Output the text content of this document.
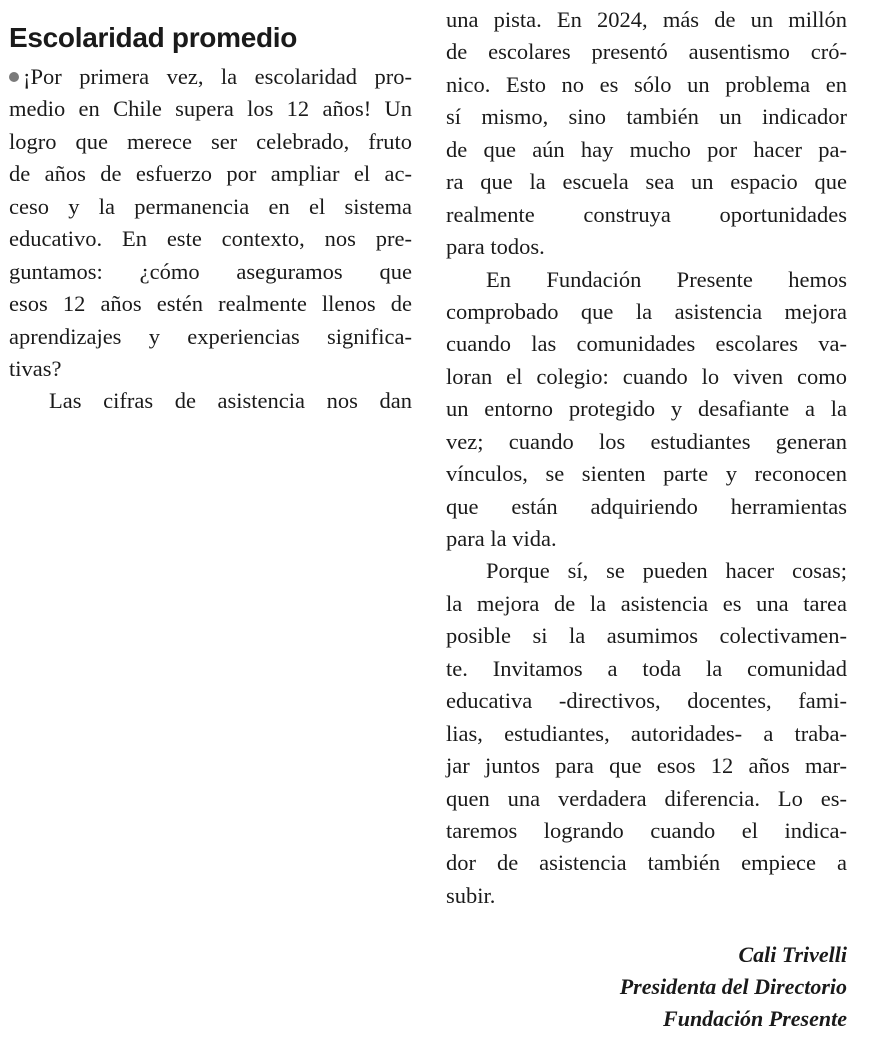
Escolaridad promedio
¡Por primera vez, la escolaridad pro-
medio en Chile supera los 12 años! Un
logro que merece ser celebrado, fruto
de años de esfuerzo por ampliar el ac-
ceso y la permanencia en el sistema
educativo. En este contexto, nos pre-
guntamos: ¿cómo aseguramos que
esos 12 años estén realmente llenos de
aprendizajes y experiencias significa-
tivas?
Las cifras de asistencia nos dan
una pista. En 2024, más de un millón
de escolares presentó ausentismo cró-
nico. Esto no es sólo un problema en
sí mismo, sino también un indicador
de que aún hay mucho por hacer pa-
ra que la escuela sea un espacio que
realmente construya oportunidades
para todos.
En Fundación Presente hemos
comprobado que la asistencia mejora
cuando las comunidades escolares va-
loran el colegio: cuando lo viven como
un entorno protegido y desafiante a la
vez; cuando los estudiantes generan
vínculos, se sienten parte y reconocen
que están adquiriendo herramientas
para la vida.
Porque sí, se pueden hacer cosas;
la mejora de la asistencia es una tarea
posible si la asumimos colectivamen-
te. Invitamos a toda la comunidad
educativa -directivos, docentes, fami-
lias, estudiantes, autoridades- a traba-
jar juntos para que esos 12 años mar-
quen una verdadera diferencia. Lo es-
taremos logrando cuando el indica-
dor de asistencia también empiece a
subir.
Cali Trivelli
Presidenta del Directorio
Fundación Presente
